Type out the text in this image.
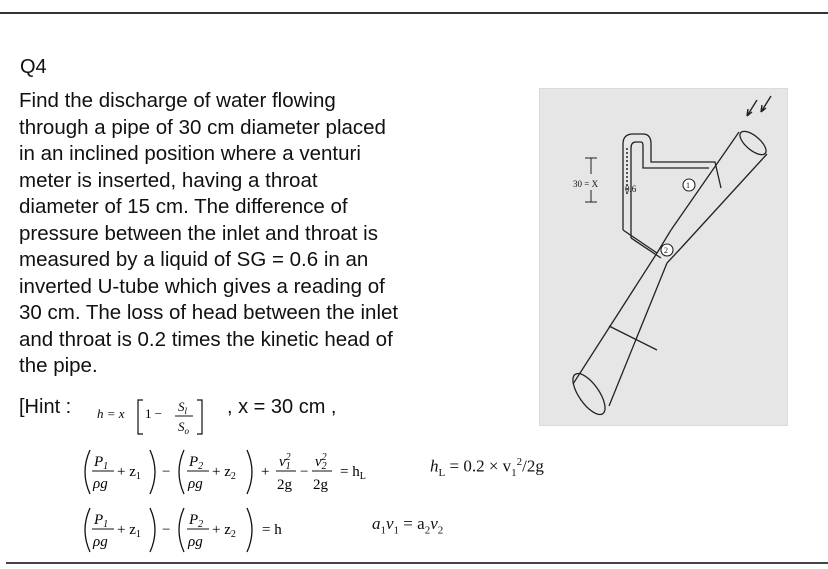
Q4

Find the discharge of water flowing
through a pipe of 30 cm diameter placed
in an inclined position where a venturi
meter is inserted, having a throat
diameter of 15 cm. The difference of
pressure between the inlet and throat is
measured by a liquid of SG = 0.6 in an
inverted U-tube which gives a reading of
30 cm. The loss of head between the inlet
and throat is 0.2 times the kinetic head of
the pipe.

[Hint : h = x $1 - S_l$
$S_o$
, x = 30 cm ,
$P_1$
ρg
+ $z_1$ −
$P_2$
ρg
+ $z_2$ +
$v^2$ 1
2g
−
$v^2$ 2
2g
= $h_L$
$h_L = 0.2 \times v_1^2/2g$
$P_1$
ρg
+ $z_1$ −
$P_2$
ρg
+ $z_2 = h$	$a_1v_1 = a_2v_2$
30 = X	0.6	1
2
